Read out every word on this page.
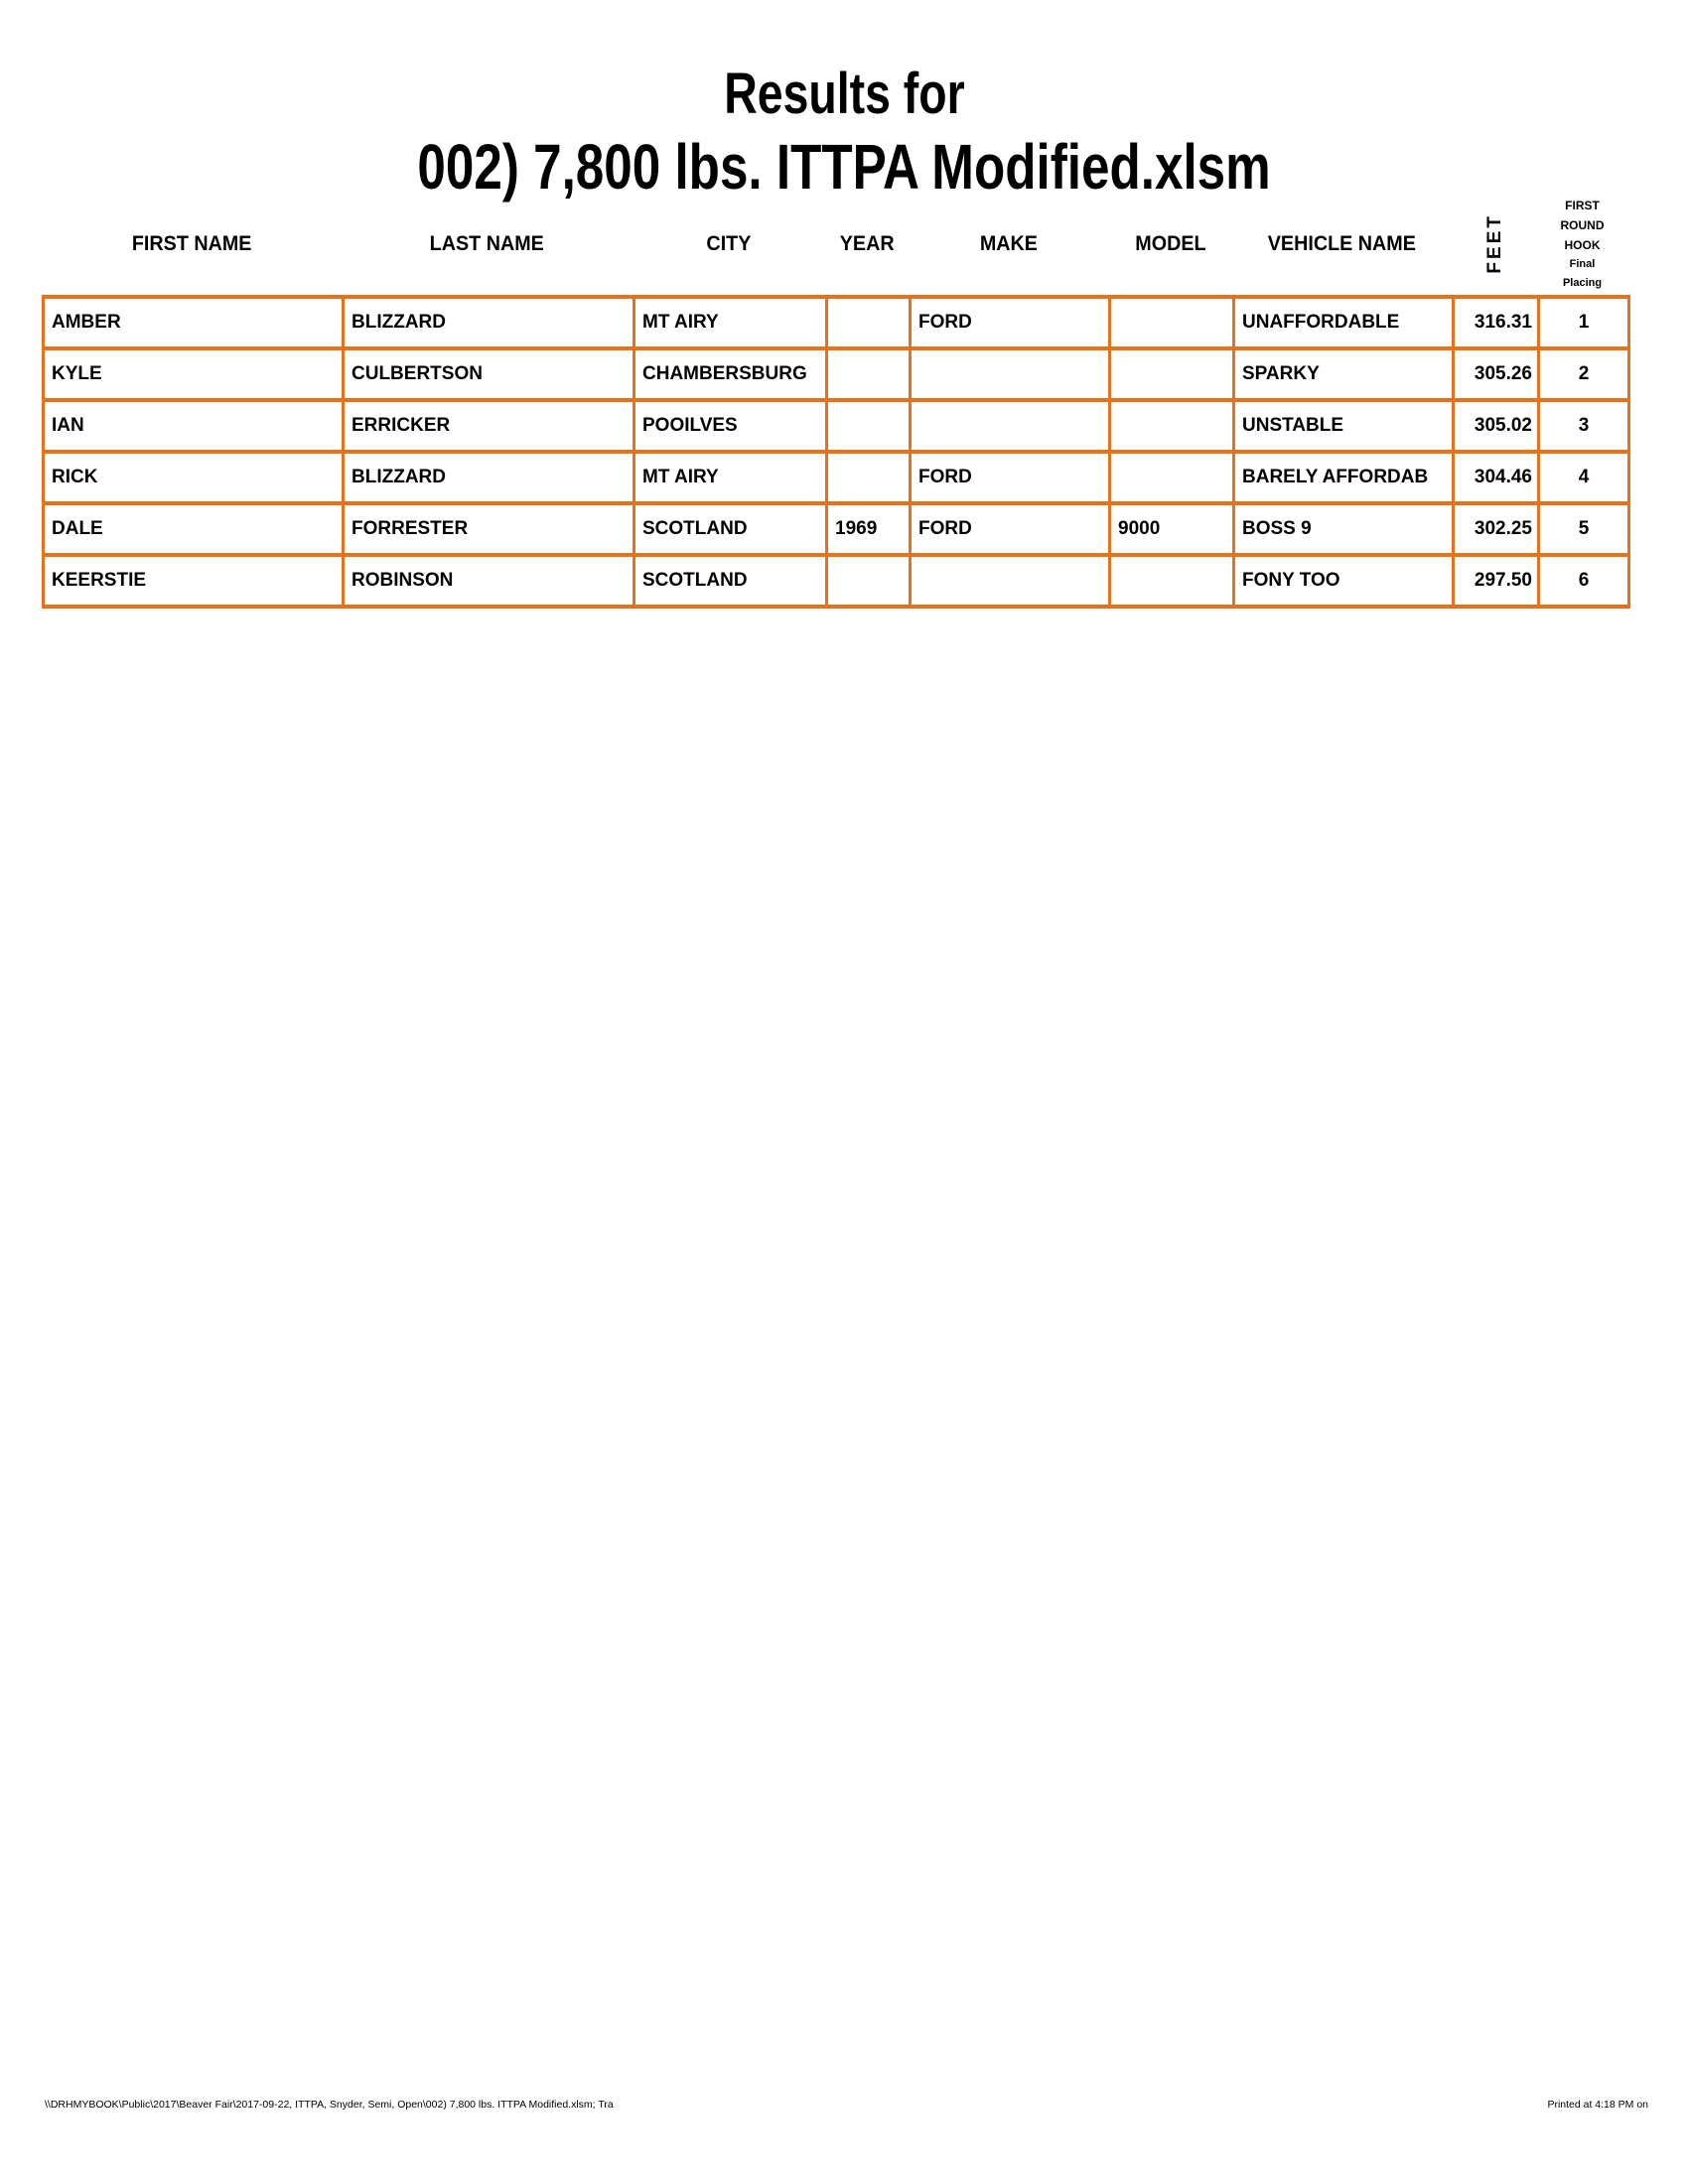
Results for
002) 7,800 lbs. ITTPA Modified.xlsm
FIRST NAME	LAST NAME	CITY	YEAR	MAKE	MODEL	VEHICLE NAME	FEET
FIRST
ROUND
HOOK
Final
Placing
AMBER	BLIZZARD	MT AIRY		FORD		UNAFFORDABLE	316.31	1
KYLE	CULBERTSON	CHAMBERSBURG				SPARKY	305.26	2
IAN	ERRICKER	POOILVES				UNSTABLE	305.02	3
RICK	BLIZZARD	MT AIRY		FORD		BARELY AFFORDAB	304.46	4
DALE	FORRESTER	SCOTLAND	1969	FORD	9000	BOSS 9	302.25	5
KEERSTIE	ROBINSON	SCOTLAND				FONY TOO	297.50	6
\\DRHMYBOOK\Public\2017\Beaver Fair\2017-09-22, ITTPA, Snyder, Semi, Open\002) 7,800 lbs. ITTPA Modified.xlsm; Tra	Printed at 4:18 PM on
